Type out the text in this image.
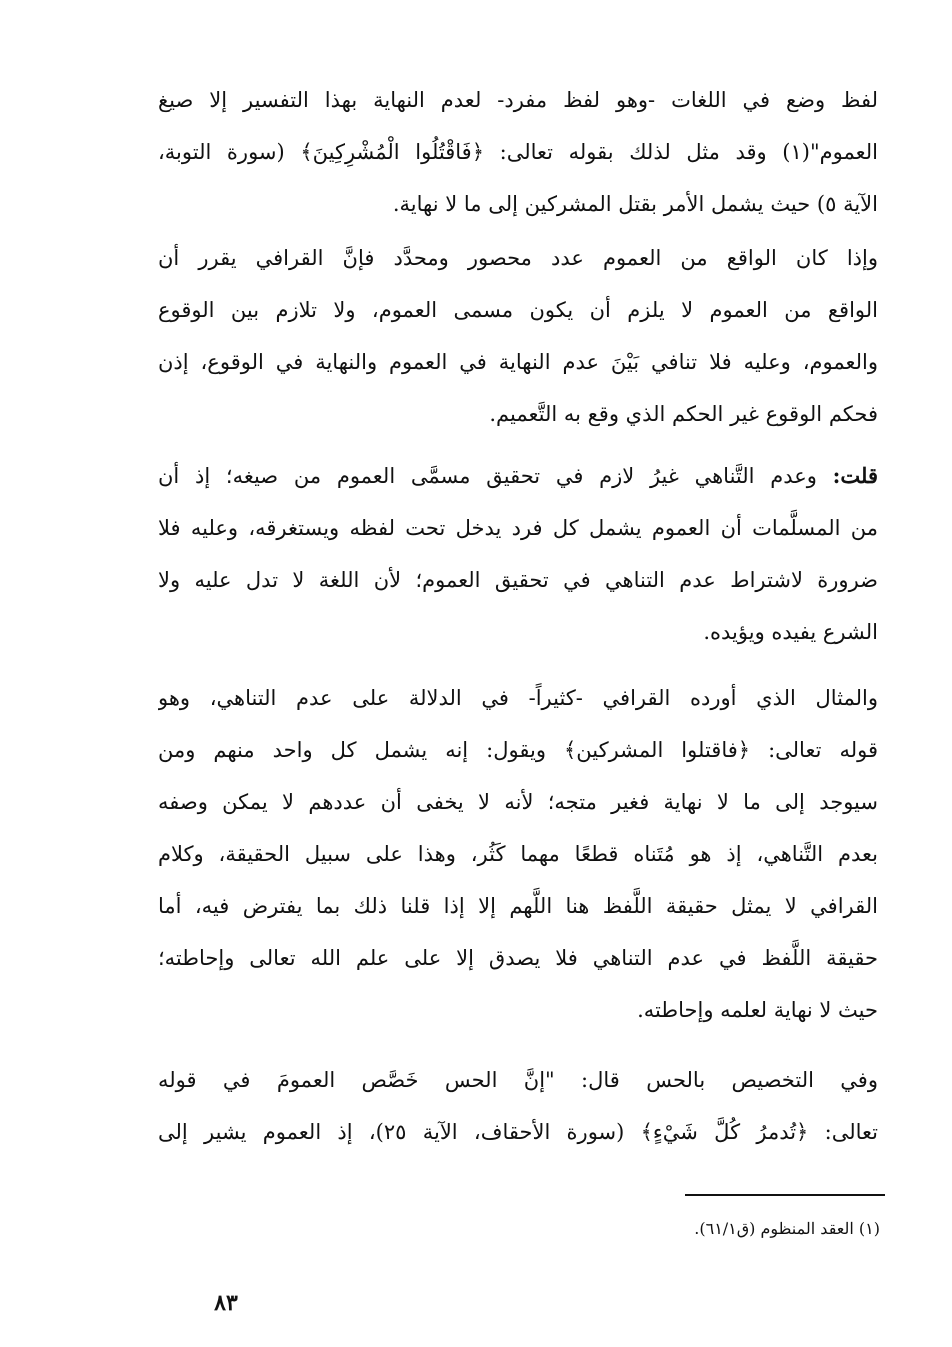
لفظ وضع في اللغات -وهو لفظ مفرد- لعدم النهاية بهذا التفسير إلا صيغ
العموم"(١) وقد مثل لذلك بقوله تعالى: ﴿فَاقْتُلُوا الْمُشْرِكِينَ﴾ (سورة التوبة،
الآية ٥) حيث يشمل الأمر بقتل المشركين إلى ما لا نهاية.
وإذا كان الواقع من العموم عدد محصور ومحدَّد فإنَّ القرافي يقرر أن
الواقع من العموم لا يلزم أن يكون مسمى العموم، ولا تلازم بين الوقوع
والعموم، وعليه فلا تنافي بَيْنَ عدم النهاية في العموم والنهاية في الوقوع، إذن
فحكم الوقوع غير الحكم الذي وقع به التَّعميم.
قلت: وعدم التَّناهي غيرُ لازم في تحقيق مسمَّى العموم من صيغه؛ إذ أن
من المسلَّمات أن العموم يشمل كل فرد يدخل تحت لفظه ويستغرقه، وعليه فلا
ضرورة لاشتراط عدم التناهي في تحقيق العموم؛ لأن اللغة لا تدل عليه ولا
الشرع يفيده ويؤيده.
والمثال الذي أورده القرافي -كثيراً- في الدلالة على عدم التناهي، وهو
قوله تعالى: ﴿فاقتلوا المشركين﴾ ويقول: إنه يشمل كل واحد منهم ومن
سيوجد إلى ما لا نهاية فغير متجه؛ لأنه لا يخفى أن عددهم لا يمكن وصفه
بعدم التَّناهي، إذ هو مُتَناه قطعًا مهما كَثُر، وهذا على سبيل الحقيقة، وكلام
القرافي لا يمثل حقيقة اللَّفظ هنا اللَّهم إلا إذا قلنا ذلك بما يفترض فيه، أما
حقيقة اللَّفظ في عدم التناهي فلا يصدق إلا على علم الله تعالى وإحاطته؛
حيث لا نهاية لعلمه وإحاطته.
وفي التخصيص بالحس قال: "إنَّ الحس خَصَّص العمومَ في قوله
تعالى: ﴿تُدمرُ كُلَّ شَيْءٍ﴾ (سورة الأحقاف، الآية ٢٥)، إذ العموم يشير إلى
(١) العقد المنظوم (ق٦١/١).
٨٣
